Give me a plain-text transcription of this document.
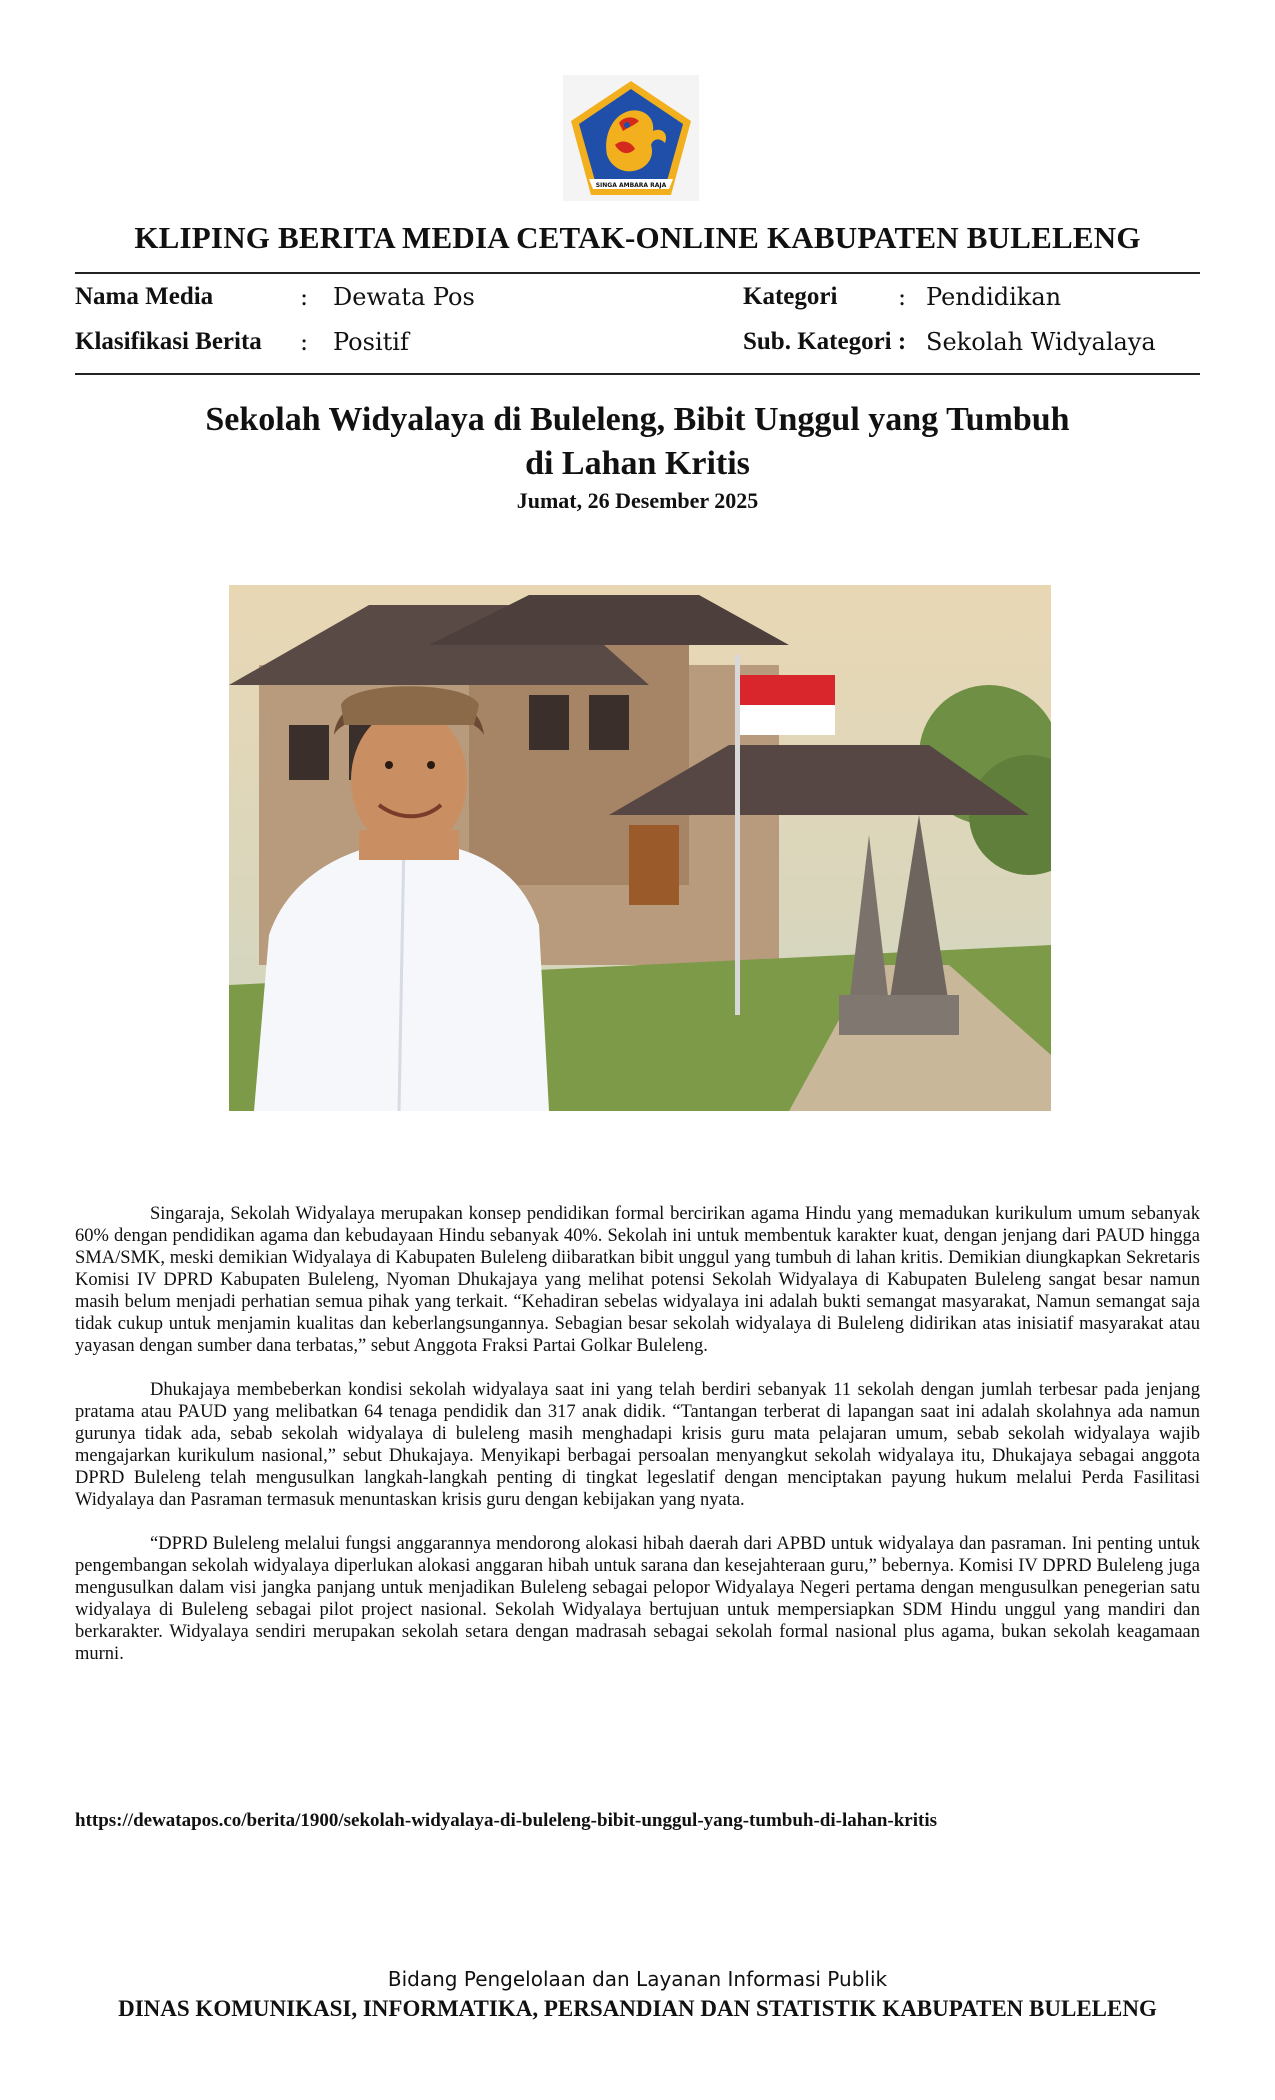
SINGA AMBARA RAJA
KLIPING BERITA MEDIA CETAK-ONLINE KABUPATEN BULELENG
Nama Media	: Dewata Pos	Kategori	: Pendidikan
Klasifikasi Berita : Positif	Sub. Kategori : Sekolah Widyalaya
Sekolah Widyalaya di Buleleng, Bibit Unggul yang Tumbuh
di Lahan Kritis
Jumat, 26 Desember 2025

Singaraja, Sekolah Widyalaya merupakan konsep pendidikan formal bercirikan agama Hindu yang memadukan kurikulum umum sebanyak 60% dengan pendidikan agama dan kebudayaan Hindu sebanyak 40%. Sekolah ini untuk membentuk karakter kuat, dengan jenjang dari PAUD hingga SMA/SMK, meski demikian Widyalaya di Kabupaten Buleleng diibaratkan bibit unggul yang tumbuh di lahan kritis. Demikian diungkapkan Sekretaris Komisi IV DPRD Kabupaten Buleleng, Nyoman Dhukajaya yang melihat potensi Sekolah Widyalaya di Kabupaten Buleleng sangat besar namun masih belum menjadi perhatian semua pihak yang terkait. “Kehadiran sebelas widyalaya ini adalah bukti semangat masyarakat, Namun semangat saja tidak cukup untuk menjamin kualitas dan keberlangsungannya. Sebagian besar sekolah widyalaya di Buleleng didirikan atas inisiatif masyarakat atau yayasan dengan sumber dana terbatas,” sebut Anggota Fraksi Partai Golkar Buleleng.

Dhukajaya membeberkan kondisi sekolah widyalaya saat ini yang telah berdiri sebanyak 11 sekolah dengan jumlah terbesar pada jenjang pratama atau PAUD yang melibatkan 64 tenaga pendidik dan 317 anak didik. “Tantangan terberat di lapangan saat ini adalah skolahnya ada namun gurunya tidak ada, sebab sekolah widyalaya di buleleng masih menghadapi krisis guru mata pelajaran umum, sebab sekolah widyalaya wajib mengajarkan kurikulum nasional,” sebut Dhukajaya. Menyikapi berbagai persoalan menyangkut sekolah widyalaya itu, Dhukajaya sebagai anggota DPRD Buleleng telah mengusulkan langkah-langkah penting di tingkat legeslatif dengan menciptakan payung hukum melalui Perda Fasilitasi Widyalaya dan Pasraman termasuk menuntaskan krisis guru dengan kebijakan yang nyata.

“DPRD Buleleng melalui fungsi anggarannya mendorong alokasi hibah daerah dari APBD untuk widyalaya dan pasraman. Ini penting untuk pengembangan sekolah widyalaya diperlukan alokasi anggaran hibah untuk sarana dan kesejahteraan guru,” bebernya. Komisi IV DPRD Buleleng juga mengusulkan dalam visi jangka panjang untuk menjadikan Buleleng sebagai pelopor Widyalaya Negeri pertama dengan mengusulkan penegerian satu widyalaya di Buleleng sebagai pilot project nasional. Sekolah Widyalaya bertujuan untuk mempersiapkan SDM Hindu unggul yang mandiri dan berkarakter. Widyalaya sendiri merupakan sekolah setara dengan madrasah sebagai sekolah formal nasional plus agama, bukan sekolah keagamaan murni.

https://dewatapos.co/berita/1900/sekolah-widyalaya-di-buleleng-bibit-unggul-yang-tumbuh-di-lahan-kritis
Bidang Pengelolaan dan Layanan Informasi Publik
DINAS KOMUNIKASI, INFORMATIKA, PERSANDIAN DAN STATISTIK KABUPATEN BULELENG
